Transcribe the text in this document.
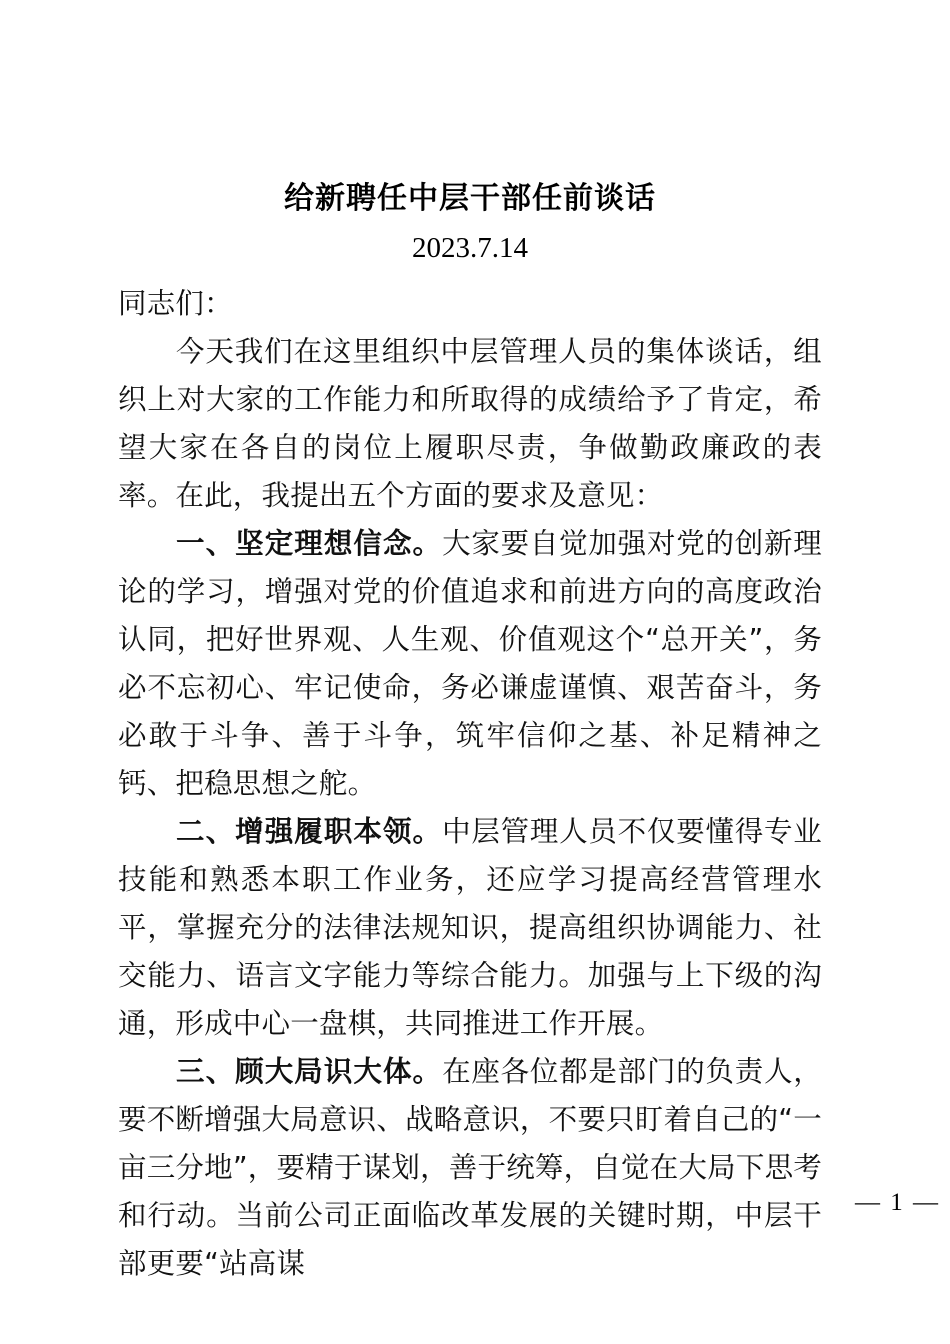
给新聘任中层干部任前谈话
2023.7.14

同志们：

今天我们在这里组织中层管理人员的集体谈话，组织上对大家的工作能力和所取得的成绩给予了肯定，希望大家在各自的岗位上履职尽责，争做勤政廉政的表率。在此，我提出五个方面的要求及意见：

一、坚定理想信念。大家要自觉加强对党的创新理论的学习，增强对党的价值追求和前进方向的高度政治认同，把好世界观、人生观、价值观这个“总开关”，务必不忘初心、牢记使命，务必谦虚谨慎、艰苦奋斗，务必敢于斗争、善于斗争，筑牢信仰之基、补足精神之钙、把稳思想之舵。

二、增强履职本领。中层管理人员不仅要懂得专业技能和熟悉本职工作业务，还应学习提高经营管理水平，掌握充分的法律法规知识，提高组织协调能力、社交能力、语言文字能力等综合能力。加强与上下级的沟通，形成中心一盘棋，共同推进工作开展。

三、顾大局识大体。在座各位都是部门的负责人，要不断增强大局意识、战略意识，不要只盯着自己的“一亩三分地”，要精于谋划，善于统筹，自觉在大局下思考和行动。当前公司正面临改革发展的关键时期，中层干部更要“站高谋

— 1 —
